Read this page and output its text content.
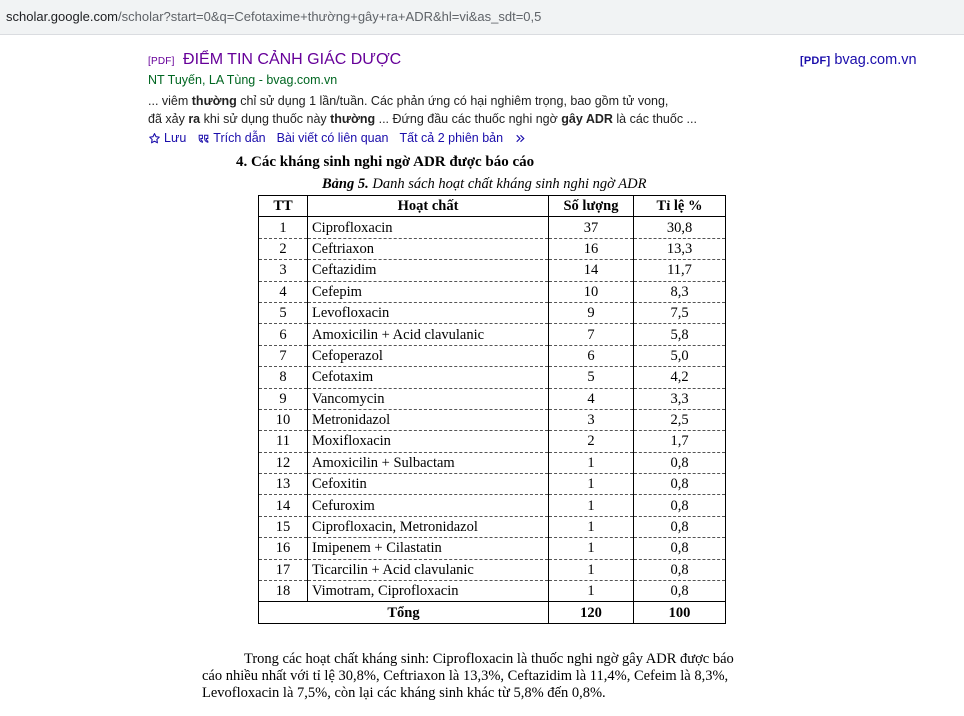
scholar.google.com/scholar?start=0&q=Cefotaxime+thường+gây+ra+ADR&hl=vi&as_sdt=0,5
[PDF] ĐIỂM TIN CẢNH GIÁC DƯỢC	[PDF] bvag.com.vn
NT Tuyến, LA Tùng - bvag.com.vn
... viêm thường chỉ sử dụng 1 lần/tuần. Các phản ứng có hại nghiêm trọng, bao gồm tử vong,
đã xảy ra khi sử dụng thuốc này thường ... Đứng đầu các thuốc nghi ngờ gây ADR là các thuốc ...
Lưu Trích dẫn Bài viết có liên quan Tất cả 2 phiên bản
4. Các kháng sinh nghi ngờ ADR được báo cáo
Bảng 5. Danh sách hoạt chất kháng sinh nghi ngờ ADR
TT	Hoạt chất	Số lượng	Tỉ lệ %
1	Ciprofloxacin	37	30,8
2	Ceftriaxon	16	13,3
3	Ceftazidim	14	11,7
4	Cefepim	10	8,3
5	Levofloxacin	9	7,5
6	Amoxicilin + Acid clavulanic	7	5,8
7	Cefoperazol	6	5,0
8	Cefotaxim	5	4,2
9	Vancomycin	4	3,3
10	Metronidazol	3	2,5
11	Moxifloxacin	2	1,7
12	Amoxicilin + Sulbactam	1	0,8
13	Cefoxitin	1	0,8
14	Cefuroxim	1	0,8
15	Ciprofloxacin, Metronidazol	1	0,8
16	Imipenem + Cilastatin	1	0,8
17	Ticarcilin + Acid clavulanic	1	0,8
18	Vimotram, Ciprofloxacin	1	0,8
Tổng		120	100
Trong các hoạt chất kháng sinh: Ciprofloxacin là thuốc nghi ngờ gây ADR được báo
cáo nhiều nhất với tỉ lệ 30,8%, Ceftriaxon là 13,3%, Ceftazidim là 11,4%, Cefeim là 8,3%,
Levofloxacin là 7,5%, còn lại các kháng sinh khác từ 5,8% đến 0,8%.
